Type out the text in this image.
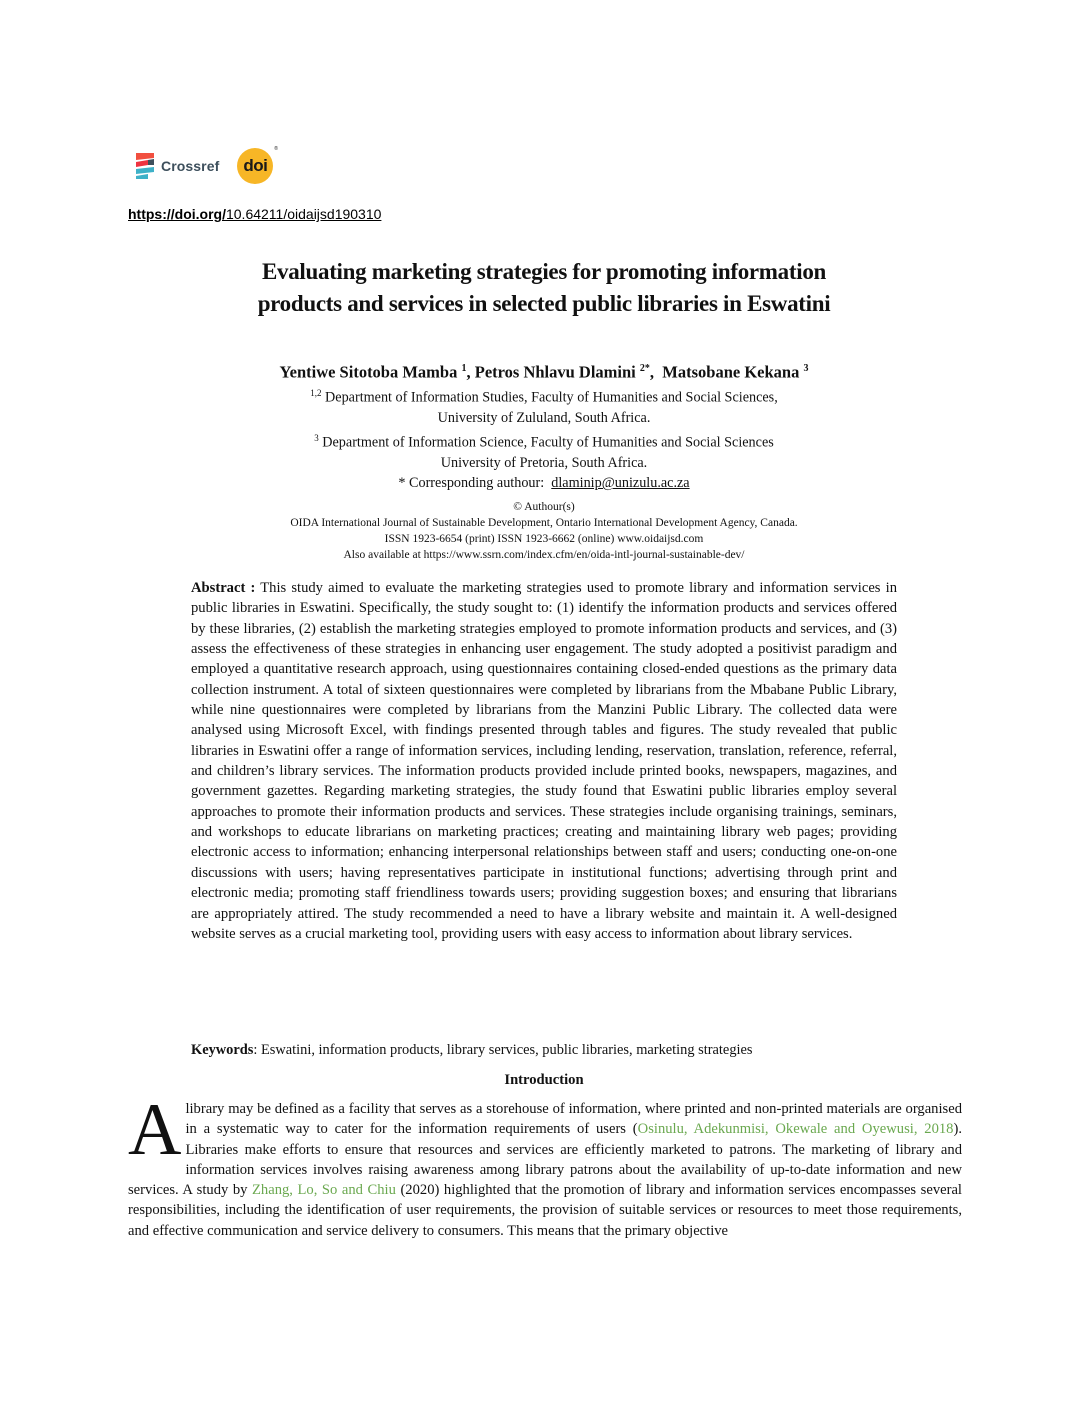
Crossref doi
®
https://doi.org/10.64211/oidaijsd190310
Evaluating marketing strategies for promoting information
products and services in selected public libraries in Eswatini
Yentiwe Sitotoba Mamba $^1$, Petros Nhlavu Dlamini $^{2*}$,  Matsobane Kekana $^3$
$^{1,2}$ Department of Information Studies, Faculty of Humanities and Social Sciences,
University of Zululand, South Africa.
$^3$ Department of Information Science, Faculty of Humanities and Social Sciences
University of Pretoria, South Africa.
* Corresponding authour:  dlaminip@unizulu.ac.za
© Authour(s)
OIDA International Journal of Sustainable Development, Ontario International Development Agency, Canada.
ISSN 1923-6654 (print) ISSN 1923-6662 (online) www.oidaijsd.com
Also available at https://www.ssrn.com/index.cfm/en/oida-intl-journal-sustainable-dev/
Abstract : This study aimed to evaluate the marketing strategies used to promote library and information services in public libraries in Eswatini. Specifically, the study sought to: (1) identify the information products and services offered by these libraries, (2) establish the marketing strategies employed to promote information products and services, and (3) assess the effectiveness of these strategies in enhancing user engagement. The study adopted a positivist paradigm and employed a quantitative research approach, using questionnaires containing closed-ended questions as the primary data collection instrument. A total of sixteen questionnaires were completed by librarians from the Mbabane Public Library, while nine questionnaires were completed by librarians from the Manzini Public Library. The collected data were analysed using Microsoft Excel, with findings presented through tables and figures. The study revealed that public libraries in Eswatini offer a range of information services, including lending, reservation, translation, reference, referral, and children’s library services. The information products provided include printed books, newspapers, magazines, and government gazettes. Regarding marketing strategies, the study found that Eswatini public libraries employ several approaches to promote their information products and services. These strategies include organising trainings, seminars, and workshops to educate librarians on marketing practices; creating and maintaining library web pages; providing electronic access to information; enhancing interpersonal relationships between staff and users; conducting one-on-one discussions with users; having representatives participate in institutional functions; advertising through print and electronic media; promoting staff friendliness towards users; providing suggestion boxes; and ensuring that librarians are appropriately attired. The study recommended a need to have a library website and maintain it. A well-designed website serves as a crucial marketing tool, providing users with easy access to information about library services.
Keywords: Eswatini, information products, library services, public libraries, marketing strategies
Introduction
Alibrary may be defined as a facility that serves as a storehouse of information, where printed and non-printed materials are organised in a systematic way to cater for the information requirements of users (Osinulu, Adekunmisi, Okewale and Oyewusi, 2018). Libraries make efforts to ensure that resources and services are efficiently marketed to patrons. The marketing of library and information services involves raising awareness among library patrons about the availability of up-to-date information and new services. A study by Zhang, Lo, So and Chiu (2020) highlighted that the promotion of library and information services encompasses several responsibilities, including the identification of user requirements, the provision of suitable services or resources to meet those requirements, and effective communication and service delivery to consumers. This means that the primary objective
